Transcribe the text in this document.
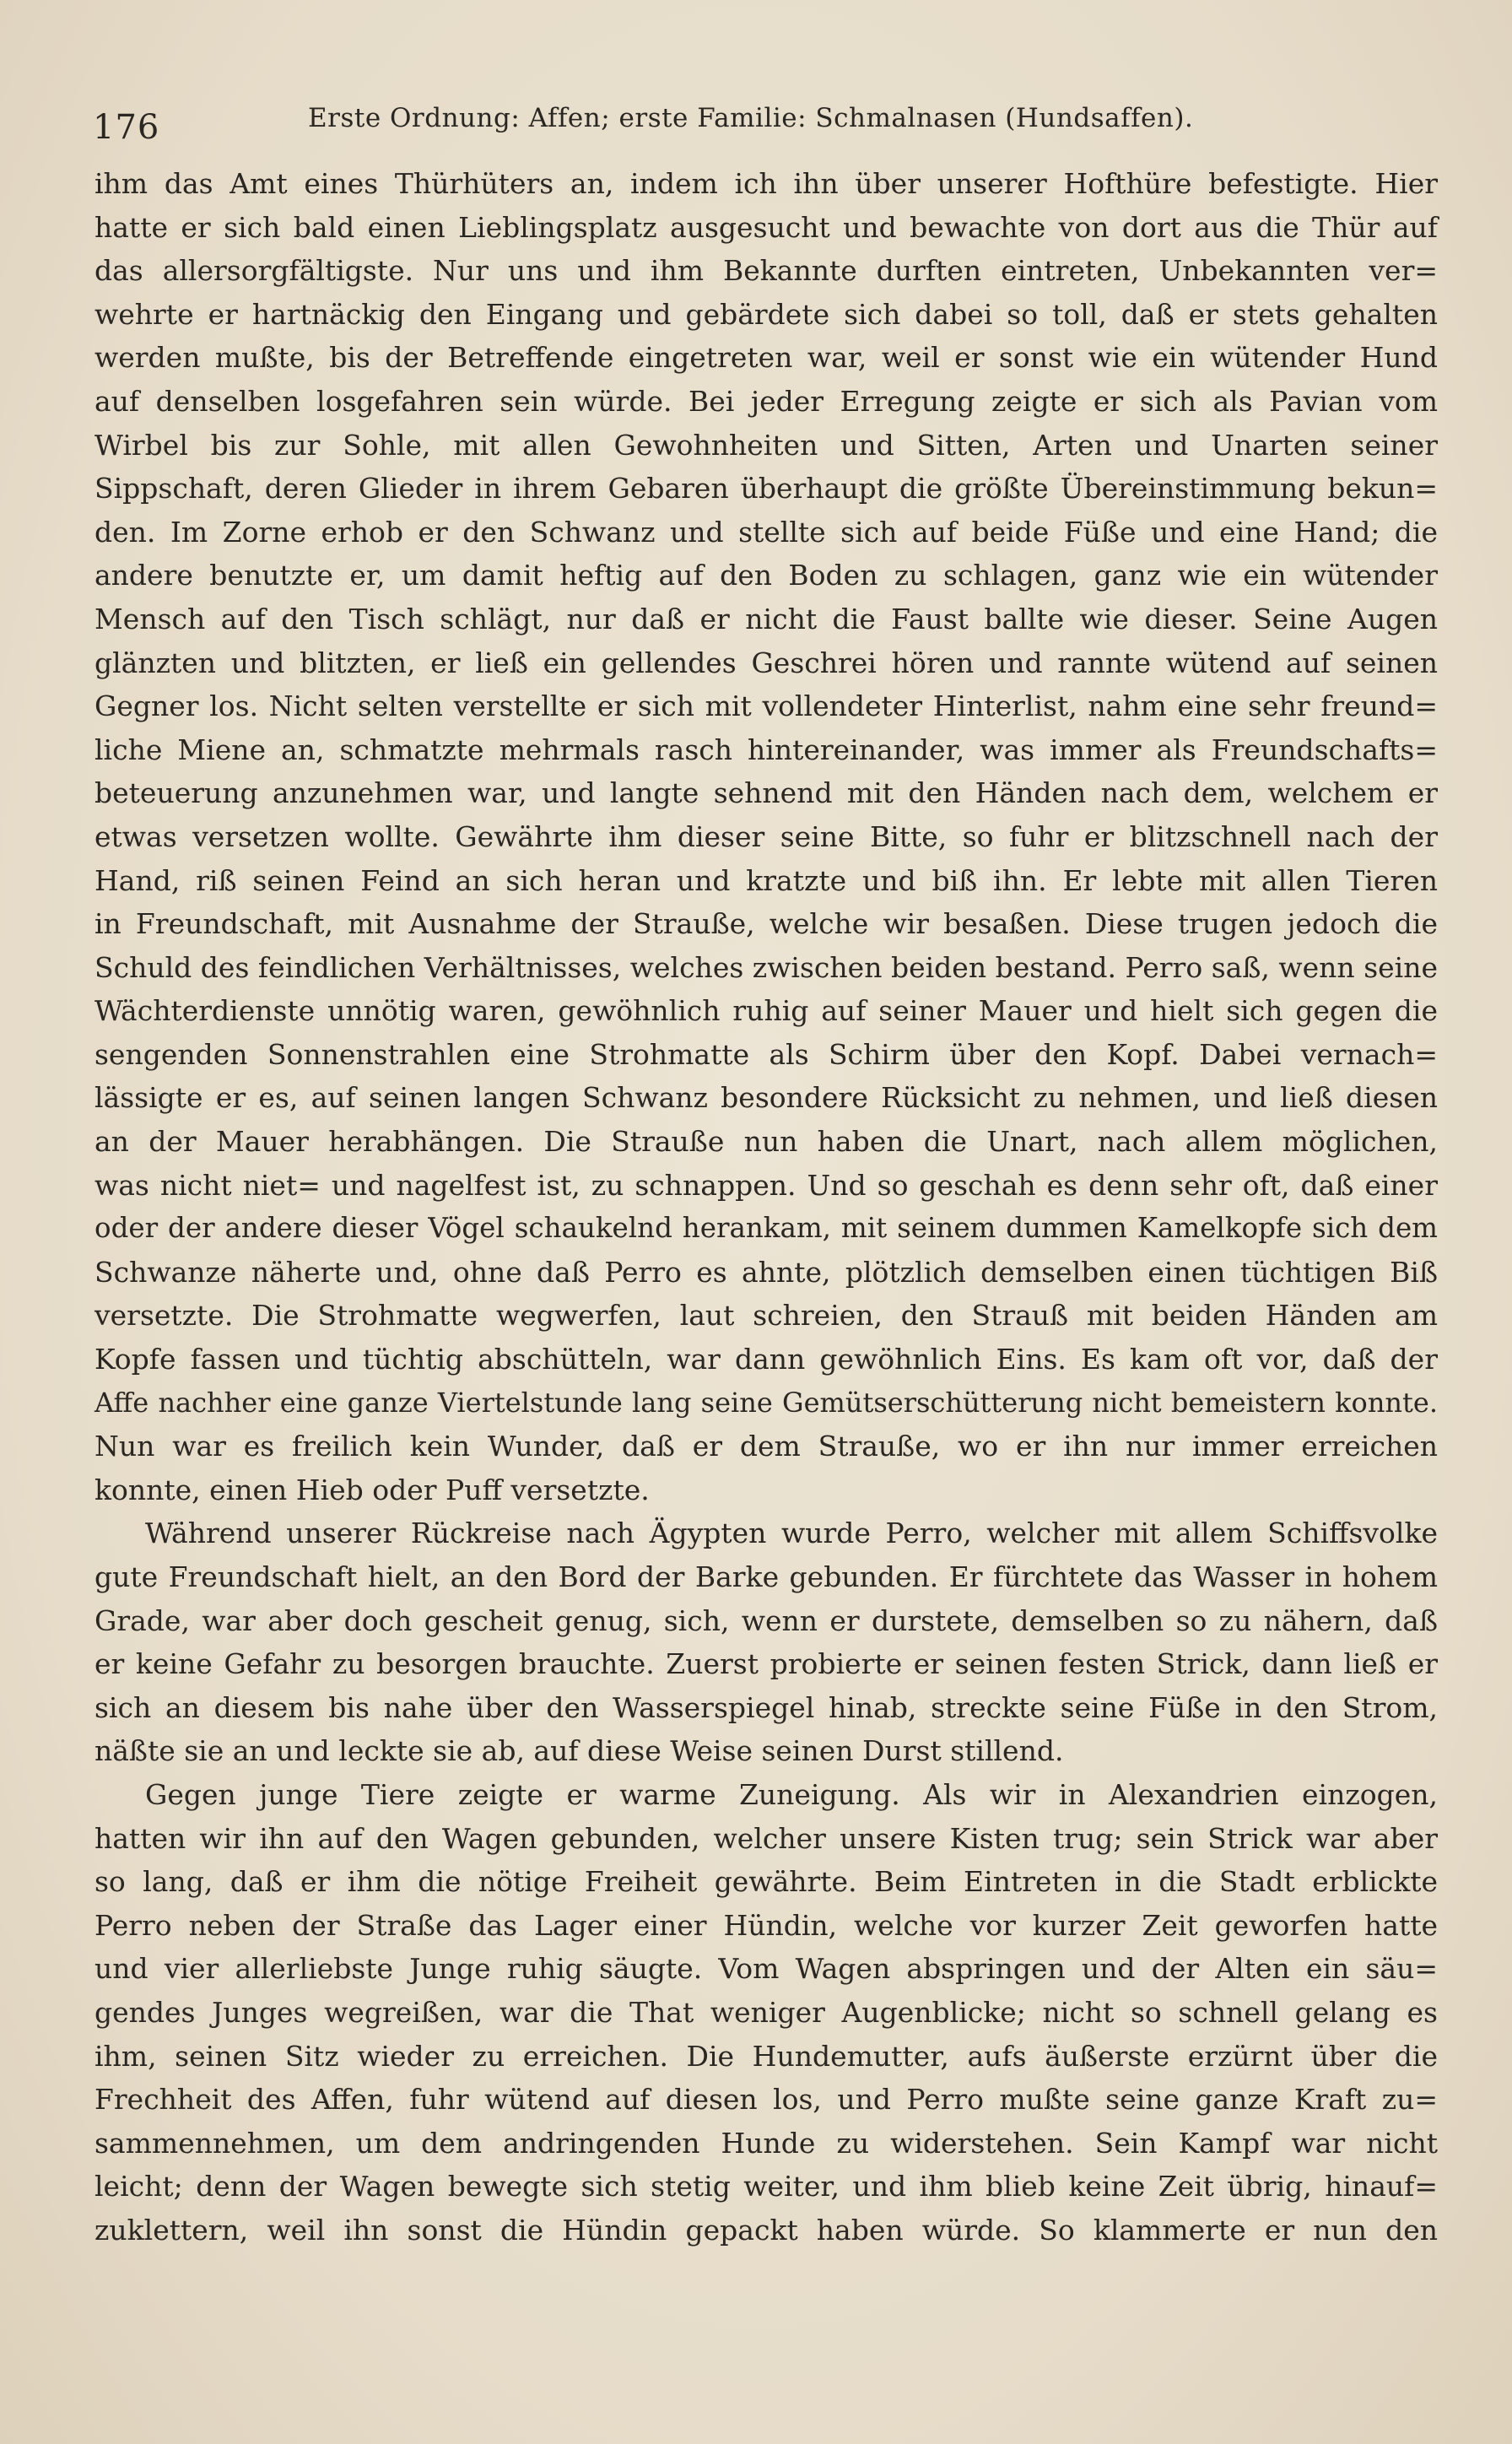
176	Erste Ordnung: Affen; erste Familie: Schmalnasen (Hundsaffen).
ihm das Amt eines Thürhüters an, indem ich ihn über unserer Hofthüre befestigte. Hier
hatte er sich bald einen Lieblingsplatz ausgesucht und bewachte von dort aus die Thür auf
das allersorgfältigste. Nur uns und ihm Bekannte durften eintreten, Unbekannten ver=
wehrte er hartnäckig den Eingang und gebärdete sich dabei so toll, daß er stets gehalten
werden mußte, bis der Betreffende eingetreten war, weil er sonst wie ein wütender Hund
auf denselben losgefahren sein würde. Bei jeder Erregung zeigte er sich als Pavian vom
Wirbel bis zur Sohle, mit allen Gewohnheiten und Sitten, Arten und Unarten seiner
Sippschaft, deren Glieder in ihrem Gebaren überhaupt die größte Übereinstimmung bekun=
den. Im Zorne erhob er den Schwanz und stellte sich auf beide Füße und eine Hand; die
andere benutzte er, um damit heftig auf den Boden zu schlagen, ganz wie ein wütender
Mensch auf den Tisch schlägt, nur daß er nicht die Faust ballte wie dieser. Seine Augen
glänzten und blitzten, er ließ ein gellendes Geschrei hören und rannte wütend auf seinen
Gegner los. Nicht selten verstellte er sich mit vollendeter Hinterlist, nahm eine sehr freund=
liche Miene an, schmatzte mehrmals rasch hintereinander, was immer als Freundschafts=
beteuerung anzunehmen war, und langte sehnend mit den Händen nach dem, welchem er
etwas versetzen wollte. Gewährte ihm dieser seine Bitte, so fuhr er blitzschnell nach der
Hand, riß seinen Feind an sich heran und kratzte und biß ihn. Er lebte mit allen Tieren
in Freundschaft, mit Ausnahme der Strauße, welche wir besaßen. Diese trugen jedoch die
Schuld des feindlichen Verhältnisses, welches zwischen beiden bestand. Perro saß, wenn seine
Wächterdienste unnötig waren, gewöhnlich ruhig auf seiner Mauer und hielt sich gegen die
sengenden Sonnenstrahlen eine Strohmatte als Schirm über den Kopf. Dabei vernach=
lässigte er es, auf seinen langen Schwanz besondere Rücksicht zu nehmen, und ließ diesen
an der Mauer herabhängen. Die Strauße nun haben die Unart, nach allem möglichen,
was nicht niet= und nagelfest ist, zu schnappen. Und so geschah es denn sehr oft, daß einer
oder der andere dieser Vögel schaukelnd herankam, mit seinem dummen Kamelkopfe sich dem
Schwanze näherte und, ohne daß Perro es ahnte, plötzlich demselben einen tüchtigen Biß
versetzte. Die Strohmatte wegwerfen, laut schreien, den Strauß mit beiden Händen am
Kopfe fassen und tüchtig abschütteln, war dann gewöhnlich Eins. Es kam oft vor, daß der
Affe nachher eine ganze Viertelstunde lang seine Gemütserschütterung nicht bemeistern konnte.
Nun war es freilich kein Wunder, daß er dem Strauße, wo er ihn nur immer erreichen
konnte, einen Hieb oder Puff versetzte.
Während unserer Rückreise nach Ägypten wurde Perro, welcher mit allem Schiffsvolke
gute Freundschaft hielt, an den Bord der Barke gebunden. Er fürchtete das Wasser in hohem
Grade, war aber doch gescheit genug, sich, wenn er durstete, demselben so zu nähern, daß
er keine Gefahr zu besorgen brauchte. Zuerst probierte er seinen festen Strick, dann ließ er
sich an diesem bis nahe über den Wasserspiegel hinab, streckte seine Füße in den Strom,
näßte sie an und leckte sie ab, auf diese Weise seinen Durst stillend.
Gegen junge Tiere zeigte er warme Zuneigung. Als wir in Alexandrien einzogen,
hatten wir ihn auf den Wagen gebunden, welcher unsere Kisten trug; sein Strick war aber
so lang, daß er ihm die nötige Freiheit gewährte. Beim Eintreten in die Stadt erblickte
Perro neben der Straße das Lager einer Hündin, welche vor kurzer Zeit geworfen hatte
und vier allerliebste Junge ruhig säugte. Vom Wagen abspringen und der Alten ein säu=
gendes Junges wegreißen, war die That weniger Augenblicke; nicht so schnell gelang es
ihm, seinen Sitz wieder zu erreichen. Die Hundemutter, aufs äußerste erzürnt über die
Frechheit des Affen, fuhr wütend auf diesen los, und Perro mußte seine ganze Kraft zu=
sammennehmen, um dem andringenden Hunde zu widerstehen. Sein Kampf war nicht
leicht; denn der Wagen bewegte sich stetig weiter, und ihm blieb keine Zeit übrig, hinauf=
zuklettern, weil ihn sonst die Hündin gepackt haben würde. So klammerte er nun den
